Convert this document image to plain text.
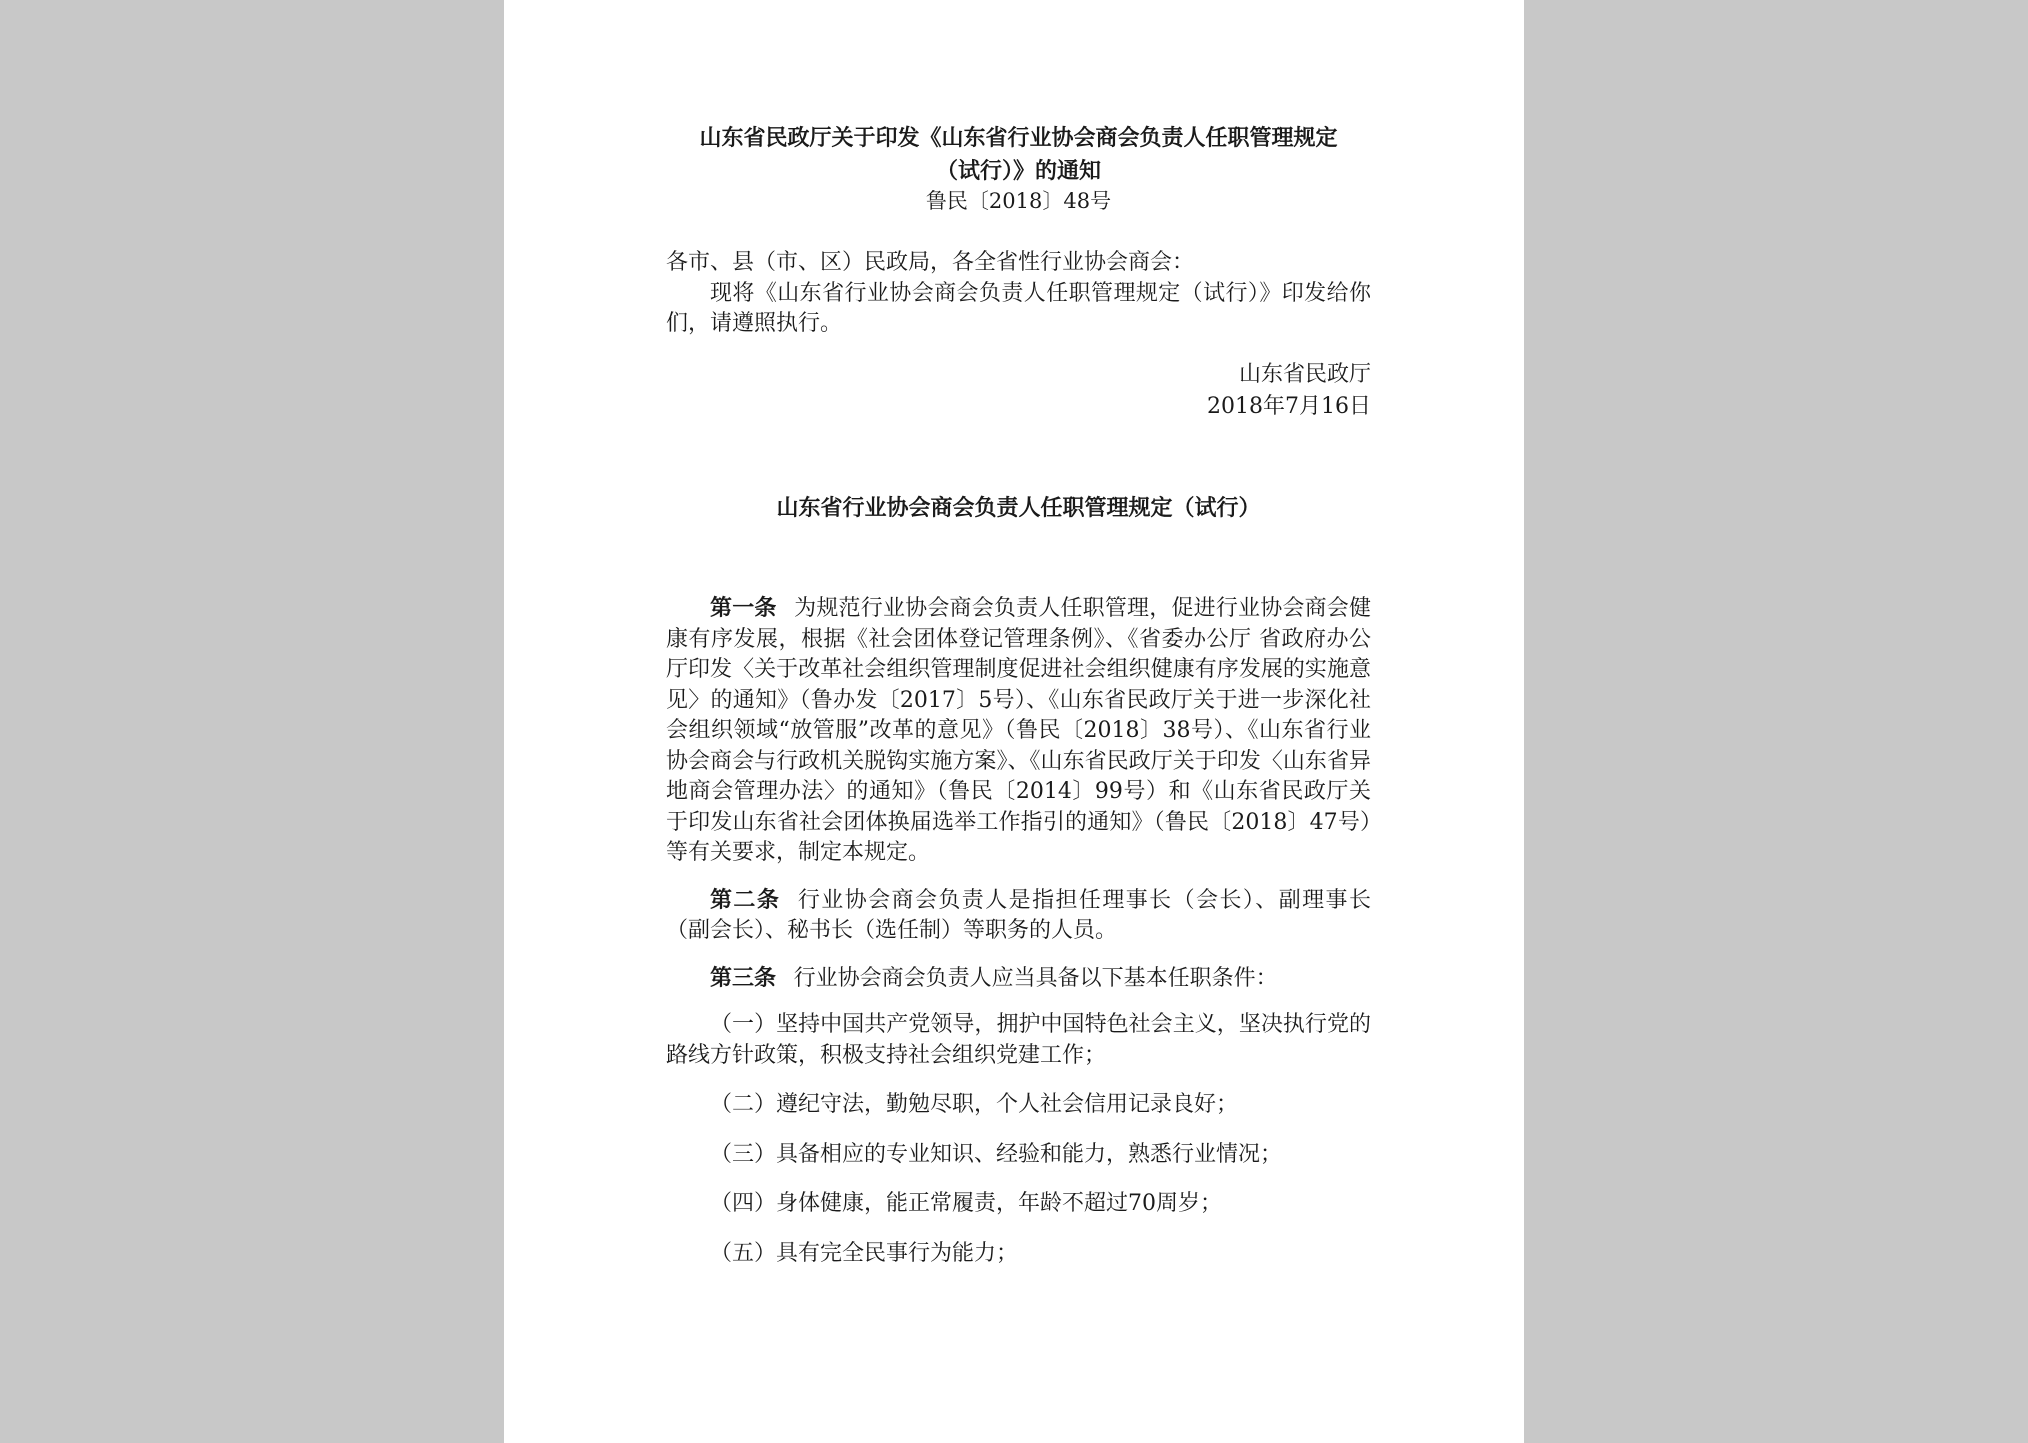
山东省民政厅关于印发《山东省行业协会商会负责人任职管理规定
（试行）》的通知
鲁民〔2018〕48号

各市、县（市、区）民政局，各全省性行业协会商会：

现将《山东省行业协会商会负责人任职管理规定（试行）》印发给你们，请遵照执行。

山东省民政厅
2018年7月16日
山东省行业协会商会负责人任职管理规定（试行）

第一条 为规范行业协会商会负责人任职管理，促进行业协会商会健康有序发展，根据《社会团体登记管理条例》、《省委办公厅 省政府办公厅印发〈关于改革社会组织管理制度促进社会组织健康有序发展的实施意见〉的通知》（鲁办发〔2017〕5号）、《山东省民政厅关于进一步深化社会组织领域“放管服”改革的意见》（鲁民〔2018〕38号）、《山东省行业协会商会与行政机关脱钩实施方案》、《山东省民政厅关于印发〈山东省异地商会管理办法〉的通知》（鲁民〔2014〕99号）和《山东省民政厅关于印发山东省社会团体换届选举工作指引的通知》（鲁民〔2018〕47号）等有关要求，制定本规定。

第二条 行业协会商会负责人是指担任理事长（会长）、副理事长（副会长）、秘书长（选任制）等职务的人员。

第三条 行业协会商会负责人应当具备以下基本任职条件：

（一）坚持中国共产党领导，拥护中国特色社会主义，坚决执行党的路线方针政策，积极支持社会组织党建工作；

（二）遵纪守法，勤勉尽职，个人社会信用记录良好；

（三）具备相应的专业知识、经验和能力，熟悉行业情况；

（四）身体健康，能正常履责，年龄不超过70周岁；

（五）具有完全民事行为能力；
